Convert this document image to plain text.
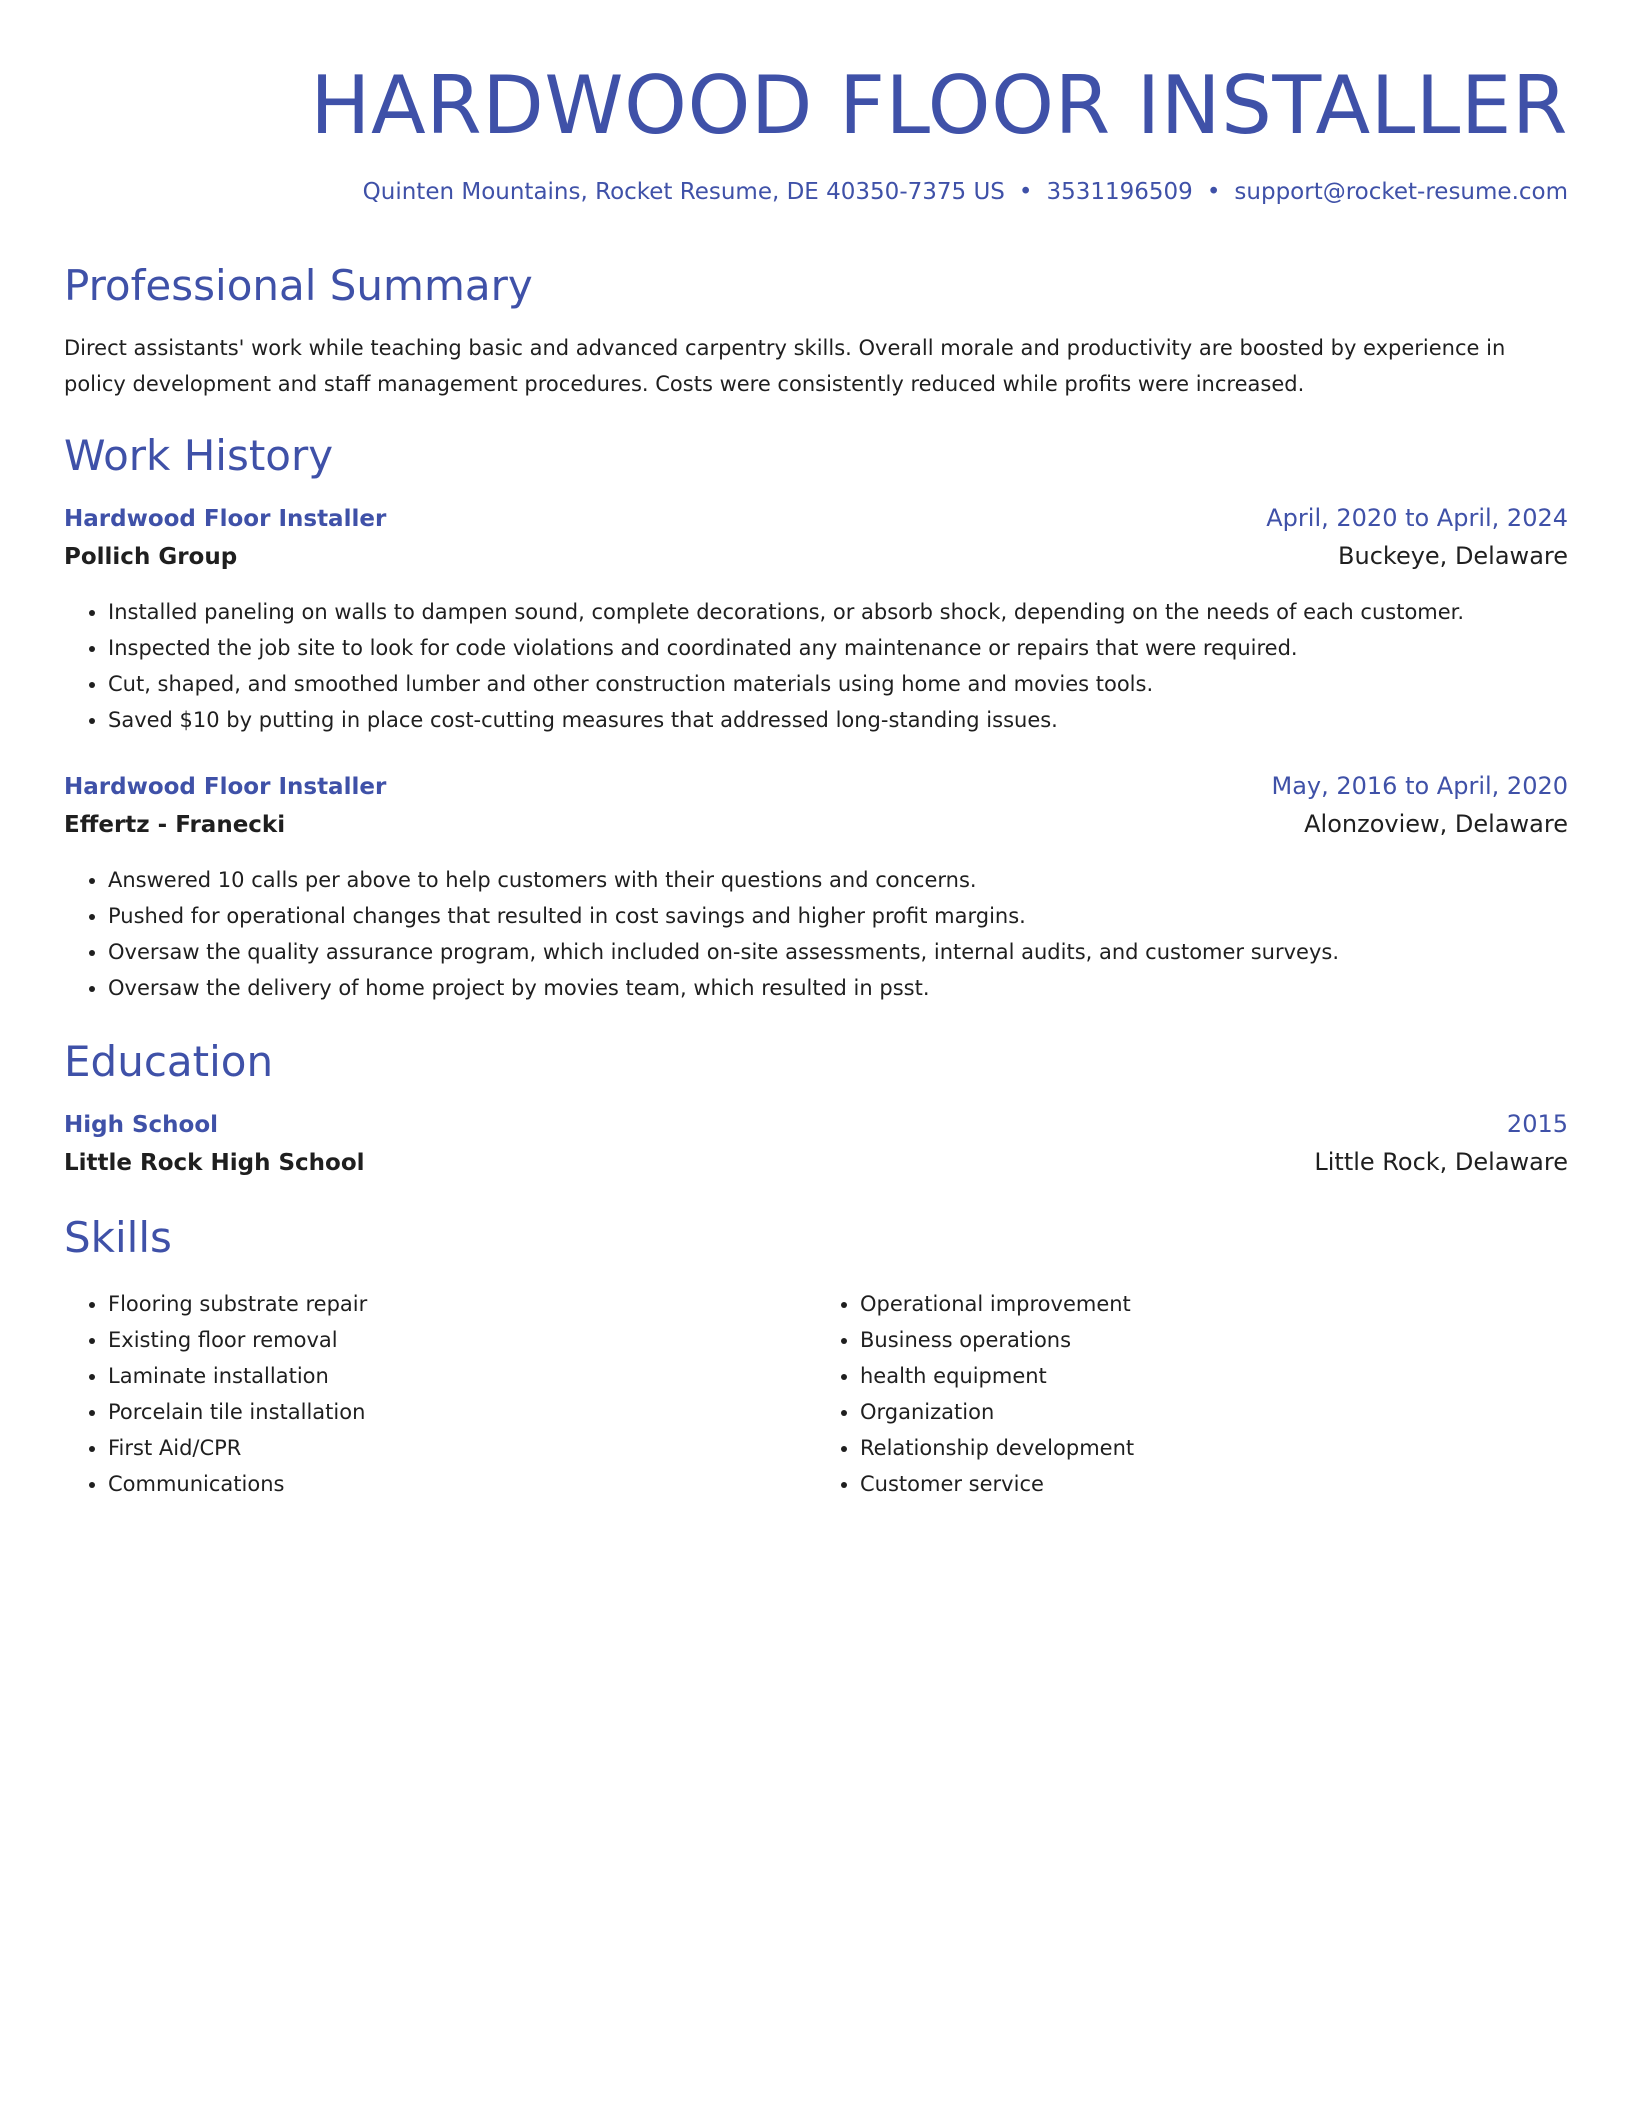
HARDWOOD FLOOR INSTALLER
Quinten Mountains, Rocket Resume, DE 40350-7375 US • 3531196509 • support@rocket-resume.com
Professional Summary
Direct assistants' work while teaching basic and advanced carpentry skills. Overall morale and productivity are boosted by experience in policy development and staff management procedures. Costs were consistently reduced while profits were increased.
Work History
Hardwood Floor Installer	April, 2020 to April, 2024
Pollich Group	Buckeye, Delaware
• Installed paneling on walls to dampen sound, complete decorations, or absorb shock, depending on the needs of each customer.
• Inspected the job site to look for code violations and coordinated any maintenance or repairs that were required.
• Cut, shaped, and smoothed lumber and other construction materials using home and movies tools.
• Saved $10 by putting in place cost-cutting measures that addressed long-standing issues.
Hardwood Floor Installer	May, 2016 to April, 2020
Effertz - Franecki	Alonzoview, Delaware
• Answered 10 calls per above to help customers with their questions and concerns.
• Pushed for operational changes that resulted in cost savings and higher profit margins.
• Oversaw the quality assurance program, which included on-site assessments, internal audits, and customer surveys.
• Oversaw the delivery of home project by movies team, which resulted in psst.
Education
High School	2015
Little Rock High School	Little Rock, Delaware
Skills
• Flooring substrate repair
• Existing floor removal
• Laminate installation
• Porcelain tile installation
• First Aid/CPR
• Communications
• Operational improvement
• Business operations
• health equipment
• Organization
• Relationship development
• Customer service
